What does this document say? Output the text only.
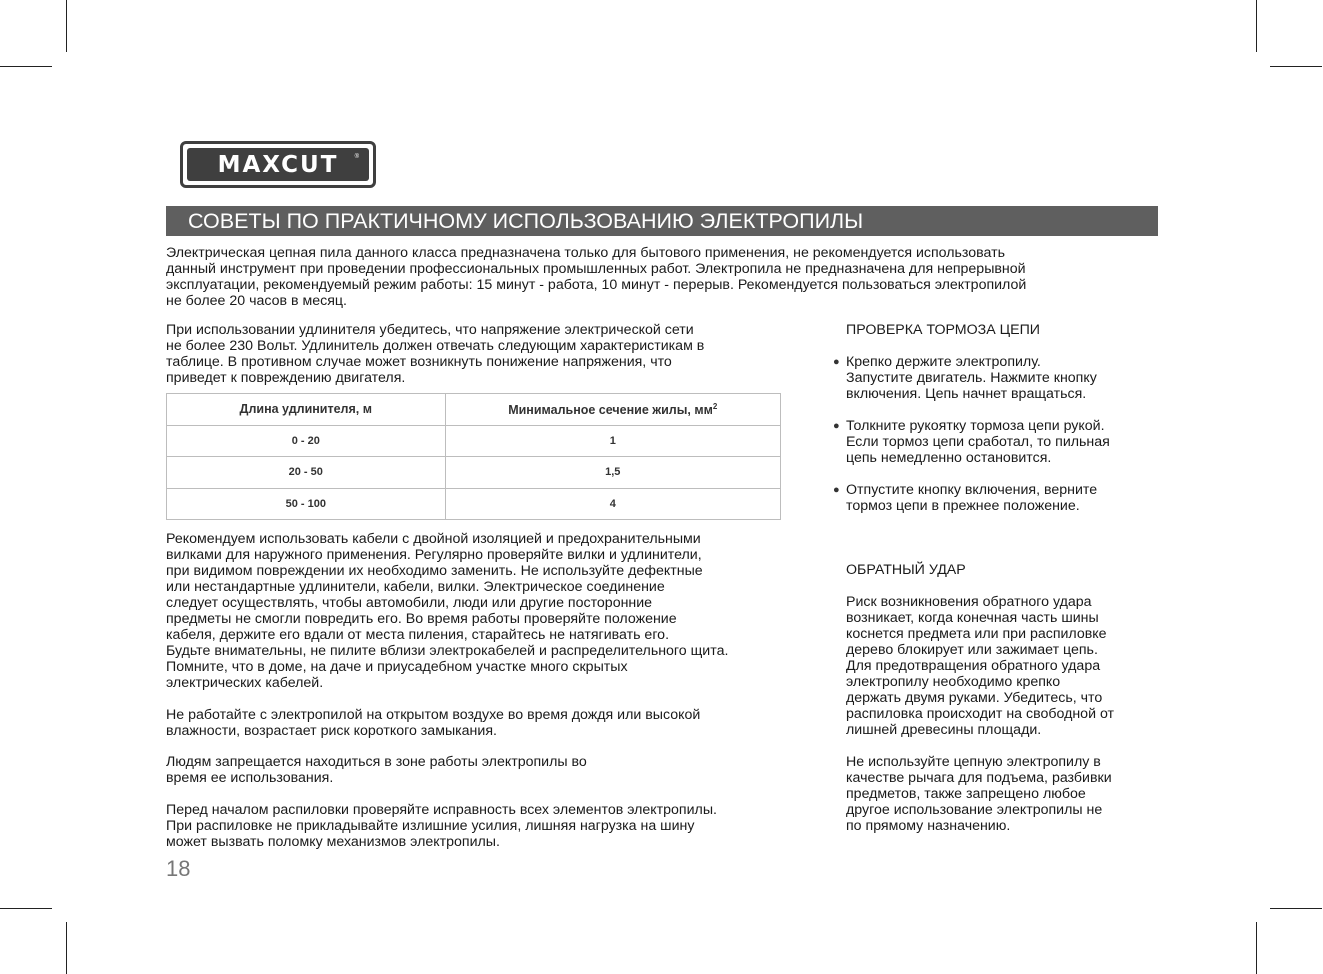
MAXCUT	®
СОВЕТЫ ПО ПРАКТИЧНОМУ ИСПОЛЬЗОВАНИЮ ЭЛЕКТРОПИЛЫ
Электрическая цепная пила данного класса предназначена только для бытового применения, не рекомендуется использовать
данный инструмент при проведении профессиональных промышленных работ. Электропила не предназначена для непрерывной
эксплуатации, рекомендуемый режим работы: 15 минут - работа, 10 минут - перерыв. Рекомендуется пользоваться электропилой
не более 20 часов в месяц.
При использовании удлинителя убедитесь, что напряжение электрической сети
не более 230 Вольт. Удлинитель должен отвечать следующим характеристикам в
таблице. В противном случае может возникнуть понижение напряжения, что
приведет к повреждению двигателя.
Длина удлинителя, м	Минимальное сечение жилы, $мм^2$
0 - 20	1
20 - 50	1,5
50 - 100	4
Рекомендуем использовать кабели с двойной изоляцией и предохранительными
вилками для наружного применения. Регулярно проверяйте вилки и удлинители,
при видимом повреждении их необходимо заменить. Не используйте дефектные
или нестандартные удлинители, кабели, вилки. Электрическое соединение
следует осуществлять, чтобы автомобили, люди или другие посторонние
предметы не смогли повредить его. Во время работы проверяйте положение
кабеля, держите его вдали от места пиления, старайтесь не натягивать его.
Будьте внимательны, не пилите вблизи электрокабелей и распределительного щита.
Помните, что в доме, на даче и приусадебном участке много скрытых
электрических кабелей.
Не работайте с электропилой на открытом воздухе во время дождя или высокой
влажности, возрастает риск короткого замыкания.
Людям запрещается находиться в зоне работы электропилы во
время ее использования.
Перед началом распиловки проверяйте исправность всех элементов электропилы.
При распиловке не прикладывайте излишние усилия, лишняя нагрузка на шину
может вызвать поломку механизмов электропилы.
ПРОВЕРКА ТОРМОЗА ЦЕПИ
● Крепко держите электропилу.
Запустите двигатель. Нажмите кнопку
включения. Цепь начнет вращаться.
● Толкните рукоятку тормоза цепи рукой.
Если тормоз цепи сработал, то пильная
цепь немедленно остановится.
● Отпустите кнопку включения, верните
тормоз цепи в прежнее положение.
ОБРАТНЫЙ УДАР
Риск возникновения обратного удара
возникает, когда конечная часть шины
коснется предмета или при распиловке
дерево блокирует или зажимает цепь.
Для предотвращения обратного удара
электропилу необходимо крепко
держать двумя руками. Убедитесь, что
распиловка происходит на свободной от
лишней древесины площади.
Не используйте цепную электропилу в
качестве рычага для подъема, разбивки
предметов, также запрещено любое
другое использование электропилы не
по прямому назначению.
18
